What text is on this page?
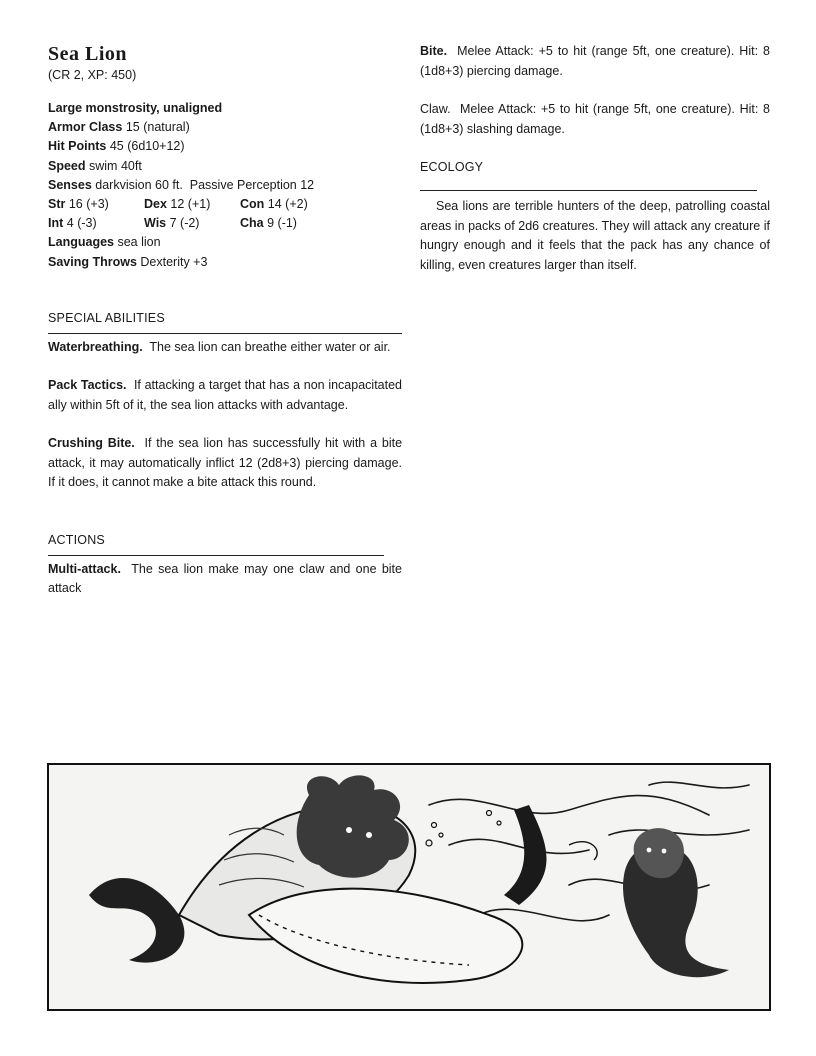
Sea Lion

(CR 2, XP: 450)

Large monstrosity, unaligned
Armor Class 15 (natural)
Hit Points 45 (6d10+12)
Speed swim 40ft
Senses darkvision 60 ft.  Passive Perception 12
Str 16 (+3)	Dex 12 (+1)	Con 14 (+2)
Int 4 (-3)	Wis 7 (-2)	Cha 9 (-1)
Languages sea lion
Saving Throws Dexterity +3

SPECIAL ABILITIES

Waterbreathing. The sea lion can breathe either water or air.

Pack Tactics. If attacking a target that has a non incapacitated ally within 5ft of it, the sea lion attacks with advantage.

Crushing Bite. If the sea lion has successfully hit with a bite attack, it may automatically inflict 12 (2d8+3) piercing damage. If it does, it cannot make a bite attack this round.

ACTIONS

Multi-attack. The sea lion make may one claw and one bite attack

Bite. Melee Attack: +5 to hit (range 5ft, one creature). Hit: 8 (1d8+3) piercing damage.

Claw. Melee Attack: +5 to hit (range 5ft, one creature). Hit: 8 (1d8+3) slashing damage.

ECOLOGY

Sea lions are terrible hunters of the deep, patrolling coastal areas in packs of 2d6 creatures. They will attack any creature if hungry enough and it feels that the pack has any chance of killing, even creatures larger than itself.
